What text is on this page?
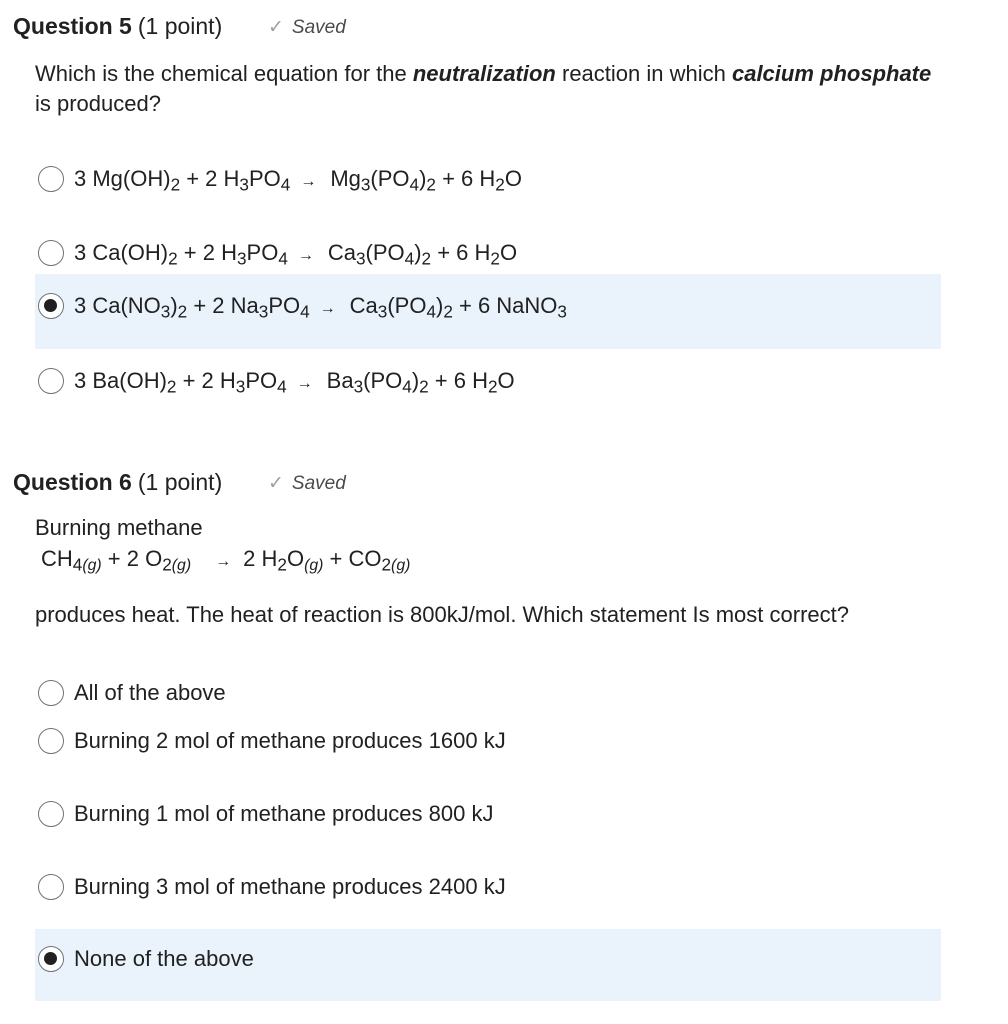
Question 5 (1 point) ✓ Saved
Which is the chemical equation for the neutralization reaction in which calcium phosphate is produced?
3 $Mg(OH)_2 + 2$ $H_3PO_4 \to Mg_3(PO_4)_2 + 6$ $H_2O$
3 $Ca(OH)_2 + 2$ $H_3PO_4 \to Ca_3(PO_4)_2 + 6$ $H_2O$
3 $Ca(NO_3)_2 + 2$ $Na_3PO_4 \to Ca_3(PO_4)_2 + 6$ NaNO$_3$
3 $Ba(OH)_2 + 2$ $H_3PO_4 \to Ba_3(PO_4)_2 + 6$ $H_2O$
Question 6 (1 point) ✓ Saved
Burning methane
$CH_{4(g)} + 2$ $O_{2(g)} \to 2$ $H_2O_{(g)} + CO_{2(g)}$
produces heat. The heat of reaction is 800kJ/mol. Which statement Is most correct?
All of the above
Burning 2 mol of methane produces 1600 kJ
Burning 1 mol of methane produces 800 kJ
Burning 3 mol of methane produces 2400 kJ
None of the above
